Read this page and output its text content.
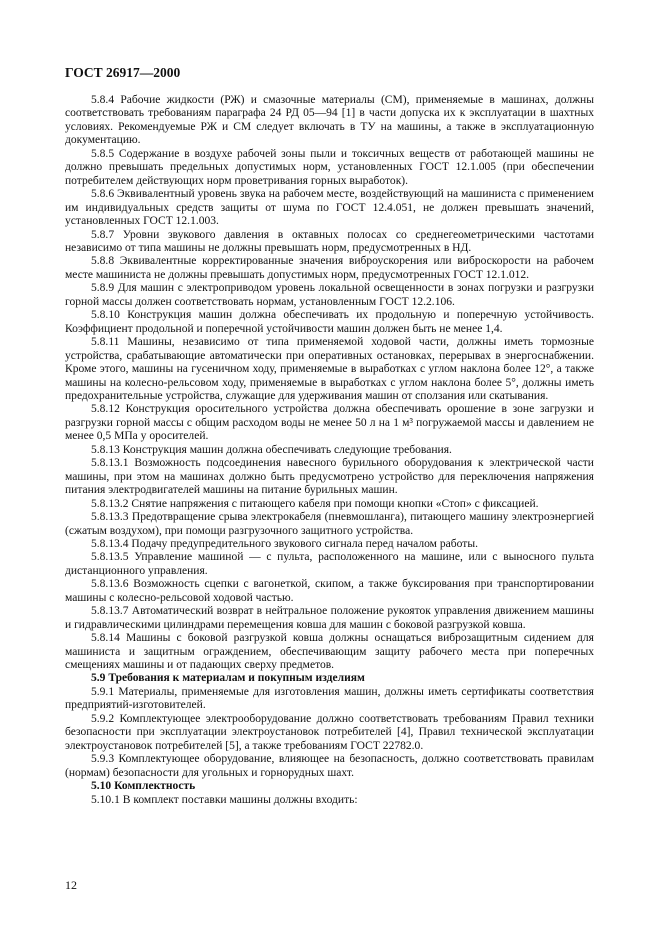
ГОСТ 26917—2000

5.8.4 Рабочие жидкости (РЖ) и смазочные материалы (СМ), применяемые в машинах, должны соответствовать требованиям параграфа 24 РД 05—94 [1] в части допуска их к эксплуатации в шахтных условиях. Рекомендуемые РЖ и СМ следует включать в ТУ на машины, а также в эксплуатационную документацию.

5.8.5 Содержание в воздухе рабочей зоны пыли и токсичных веществ от работающей машины не должно превышать предельных допустимых норм, установленных ГОСТ 12.1.005 (при обеспечении потребителем действующих норм проветривания горных выработок).

5.8.6 Эквивалентный уровень звука на рабочем месте, воздействующий на машиниста с применением им индивидуальных средств защиты от шума по ГОСТ 12.4.051, не должен превышать значений, установленных ГОСТ 12.1.003.

5.8.7 Уровни звукового давления в октавных полосах со среднегеометрическими частотами независимо от типа машины не должны превышать норм, предусмотренных в НД.

5.8.8 Эквивалентные корректированные значения виброускорения или виброскорости на рабочем месте машиниста не должны превышать допустимых норм, предусмотренных ГОСТ 12.1.012.

5.8.9 Для машин с электроприводом уровень локальной освещенности в зонах погрузки и разгрузки горной массы должен соответствовать нормам, установленным ГОСТ 12.2.106.

5.8.10 Конструкция машин должна обеспечивать их продольную и поперечную устойчивость. Коэффициент продольной и поперечной устойчивости машин должен быть не менее 1,4.

5.8.11 Машины, независимо от типа применяемой ходовой части, должны иметь тормозные устройства, срабатывающие автоматически при оперативных остановках, перерывах в энергоснабжении. Кроме этого, машины на гусеничном ходу, применяемые в выработках с углом наклона более 12°, а также машины на колесно-рельсовом ходу, применяемые в выработках с углом наклона более 5°, должны иметь предохранительные устройства, служащие для удерживания машин от сползания или скатывания.

5.8.12 Конструкция оросительного устройства должна обеспечивать орошение в зоне загрузки и разгрузки горной массы с общим расходом воды не менее 50 л на 1 м³ погружаемой массы и давлением не менее 0,5 МПа у оросителей.

5.8.13 Конструкция машин должна обеспечивать следующие требования.

5.8.13.1 Возможность подсоединения навесного бурильного оборудования к электрической части машины, при этом на машинах должно быть предусмотрено устройство для переключения напряжения питания электродвигателей машины на питание бурильных машин.

5.8.13.2 Снятие напряжения с питающего кабеля при помощи кнопки «Стоп» с фиксацией.

5.8.13.3 Предотвращение срыва электрокабеля (пневмошланга), питающего машину электроэнергией (сжатым воздухом), при помощи разгрузочного защитного устройства.

5.8.13.4 Подачу предупредительного звукового сигнала перед началом работы.

5.8.13.5 Управление машиной — с пульта, расположенного на машине, или с выносного пульта дистанционного управления.

5.8.13.6 Возможность сцепки с вагонеткой, скипом, а также буксирования при транспортировании машины с колесно-рельсовой ходовой частью.

5.8.13.7 Автоматический возврат в нейтральное положение рукояток управления движением машины и гидравлическими цилиндрами перемещения ковша для машин с боковой разгрузкой ковша.

5.8.14 Машины с боковой разгрузкой ковша должны оснащаться виброзащитным сидением для машиниста и защитным ограждением, обеспечивающим защиту рабочего места при поперечных смещениях машины и от падающих сверху предметов.

5.9 Требования к материалам и покупным изделиям

5.9.1 Материалы, применяемые для изготовления машин, должны иметь сертификаты соответствия предприятий-изготовителей.

5.9.2 Комплектующее электрооборудование должно соответствовать требованиям Правил техники безопасности при эксплуатации электроустановок потребителей [4], Правил технической эксплуатации электроустановок потребителей [5], а также требованиям ГОСТ 22782.0.

5.9.3 Комплектующее оборудование, влияющее на безопасность, должно соответствовать правилам (нормам) безопасности для угольных и горнорудных шахт.

5.10 Комплектность

5.10.1 В комплект поставки машины должны входить:

12
